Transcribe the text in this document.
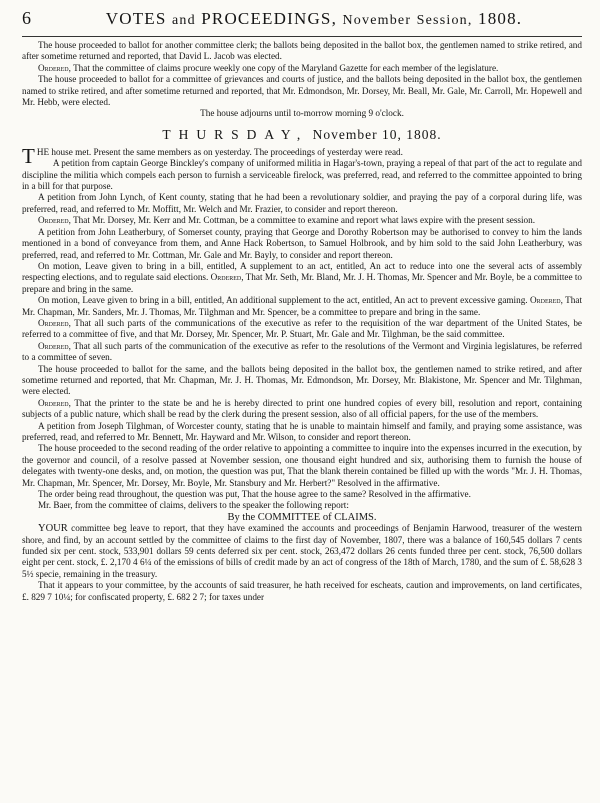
6	VOTES and PROCEEDINGS, November Session, 1808.

The house proceeded to ballot for another committee clerk; the ballots being deposited in the ballot box, the gentlemen named to strike retired, and after sometime returned and reported, that David L. Jacob was elected.

Ordered, That the committee of claims procure weekly one copy of the Maryland Gazette for each member of the legislature.

The house proceeded to ballot for a committee of grievances and courts of justice, and the ballots being deposited in the ballot box, the gentlemen named to strike retired, and after sometime returned and reported, that Mr. Edmondson, Mr. Dorsey, Mr. Beall, Mr. Gale, Mr. Carroll, Mr. Hopewell and Mr. Hebb, were elected.

The house adjourns until to-morrow morning 9 o'clock.

THURSDAY, November 10, 1808.

THE house met. Present the same members as on yesterday. The proceedings of yesterday were read.

A petition from captain George Binckley's company of uniformed militia in Hagar's-town, praying a repeal of that part of the act to regulate and discipline the militia which compels each person to furnish a serviceable firelock, was preferred, read, and referred to the committee appointed to bring in a bill for that purpose.

A petition from John Lynch, of Kent county, stating that he had been a revolutionary soldier, and praying the pay of a corporal during life, was preferred, read, and referred to Mr. Moffitt, Mr. Welch and Mr. Frazier, to consider and report thereon.

Ordered, That Mr. Dorsey, Mr. Kerr and Mr. Cottman, be a committee to examine and report what laws expire with the present session.

A petition from John Leatherbury, of Somerset county, praying that George and Dorothy Robertson may be authorised to convey to him the lands mentioned in a bond of conveyance from them, and Anne Hack Robertson, to Samuel Holbrook, and by him sold to the said John Leatherbury, was preferred, read, and referred to Mr. Cottman, Mr. Gale and Mr. Bayly, to consider and report thereon.

On motion, Leave given to bring in a bill, entitled, A supplement to an act, entitled, An act to reduce into one the several acts of assembly respecting elections, and to regulate said elections. Ordered, That Mr. Seth, Mr. Bland, Mr. J. H. Thomas, Mr. Spencer and Mr. Boyle, be a committee to prepare and bring in the same.

On motion, Leave given to bring in a bill, entitled, An additional supplement to the act, entitled, An act to prevent excessive gaming. Ordered, That Mr. Chapman, Mr. Sanders, Mr. J. Thomas, Mr. Tilghman and Mr. Spencer, be a committee to prepare and bring in the same.

Ordered, That all such parts of the communications of the executive as refer to the requisition of the war department of the United States, be referred to a committee of five, and that Mr. Dorsey, Mr. Spencer, Mr. P. Stuart, Mr. Gale and Mr. Tilghman, be the said committee.

Ordered, That all such parts of the communication of the executive as refer to the resolutions of the Vermont and Virginia legislatures, be referred to a committee of seven.

The house proceeded to ballot for the same, and the ballots being deposited in the ballot box, the gentlemen named to strike retired, and after sometime returned and reported, that Mr. Chapman, Mr. J. H. Thomas, Mr. Edmondson, Mr. Dorsey, Mr. Blakistone, Mr. Spencer and Mr. Tilghman, were elected.

Ordered, That the printer to the state be and he is hereby directed to print one hundred copies of every bill, resolution and report, containing subjects of a public nature, which shall be read by the clerk during the present session, also of all official papers, for the use of the members.

A petition from Joseph Tilghman, of Worcester county, stating that he is unable to maintain himself and family, and praying some assistance, was preferred, read, and referred to Mr. Bennett, Mr. Hayward and Mr. Wilson, to consider and report thereon.

The house proceeded to the second reading of the order relative to appointing a committee to inquire into the expenses incurred in the execution, by the governor and council, of a resolve passed at November session, one thousand eight hundred and six, authorising them to furnish the house of delegates with twenty-one desks, and, on motion, the question was put, That the blank therein contained be filled up with the words "Mr. J. H. Thomas, Mr. Chapman, Mr. Spencer, Mr. Dorsey, Mr. Boyle, Mr. Stansbury and Mr. Herbert?" Resolved in the affirmative.

The order being read throughout, the question was put, That the house agree to the same? Resolved in the affirmative.

Mr. Baer, from the committee of claims, delivers to the speaker the following report:

By the COMMITTEE of CLAIMS.

YOUR committee beg leave to report, that they have examined the accounts and proceedings of Benjamin Harwood, treasurer of the western shore, and find, by an account settled by the committee of claims to the first day of November, 1807, there was a balance of 160,545 dollars 7 cents funded six per cent. stock, 533,901 dollars 59 cents deferred six per cent. stock, 263,472 dollars 26 cents funded three per cent. stock, 76,500 dollars eight per cent. stock, £. 2,170 4 6¼ of the emissions of bills of credit made by an act of congress of the 18th of March, 1780, and the sum of £. 58,628 3 5½ specie, remaining in the treasury.

That it appears to your committee, by the accounts of said treasurer, he hath received for escheats, caution and improvements, on land certificates, £. 829 7 10¼; for confiscated property, £. 682 2 7; for taxes under
